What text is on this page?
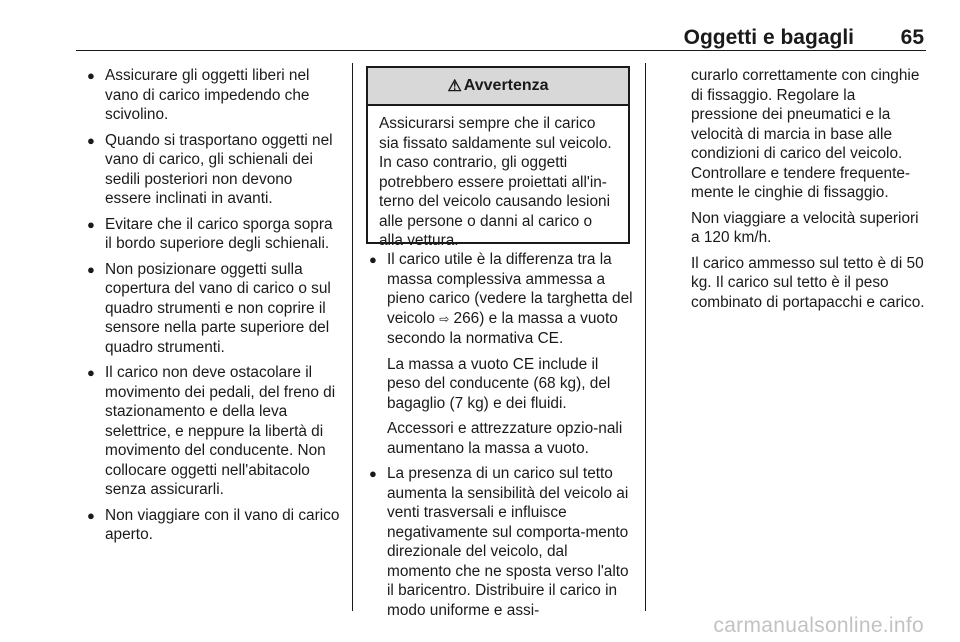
Oggetti e bagagli 65
● Assicurare gli oggetti liberi nel vano di carico impedendo che scivolino.
● Quando si trasportano oggetti nel vano di carico, gli schienali dei sedili posteriori non devono essere inclinati in avanti.
● Evitare che il carico sporga sopra il bordo superiore degli schienali.
● Non posizionare oggetti sulla copertura del vano di carico o sul quadro strumenti e non coprire il sensore nella parte superiore del quadro strumenti.
● Il carico non deve ostacolare il movimento dei pedali, del freno di stazionamento e della leva selettrice, e neppure la libertà di movimento del conducente. Non collocare oggetti nell'abitacolo senza assicurarli.
● Non viaggiare con il vano di carico aperto.
⚠ Avvertenza
Assicurarsi sempre che il carico sia fissato saldamente sul veicolo. In caso contrario, gli oggetti potrebbero essere proiettati all'in-terno del veicolo causando lesioni alle persone o danni al carico o alla vettura.
● Il carico utile è la differenza tra la massa complessiva ammessa a pieno carico (vedere la targhetta del veicolo ⇨ 266) e la massa a vuoto secondo la normativa CE.

La massa a vuoto CE include il peso del conducente (68 kg), del bagaglio (7 kg) e dei fluidi.

Accessori e attrezzature opzio-nali aumentano la massa a vuoto.

● La presenza di un carico sul tetto aumenta la sensibilità del veicolo ai venti trasversali e influisce negativamente sul comporta-mento direzionale del veicolo, dal momento che ne sposta verso l'alto il baricentro. Distribuire il carico in modo uniforme e assi-

curarlo correttamente con cinghie di fissaggio. Regolare la pressione dei pneumatici e la velocità di marcia in base alle condizioni di carico del veicolo. Controllare e tendere frequente-mente le cinghie di fissaggio.

Non viaggiare a velocità superiori a 120 km/h.

Il carico ammesso sul tetto è di 50 kg. Il carico sul tetto è il peso combinato di portapacchi e carico.

carmanualsonline.info
